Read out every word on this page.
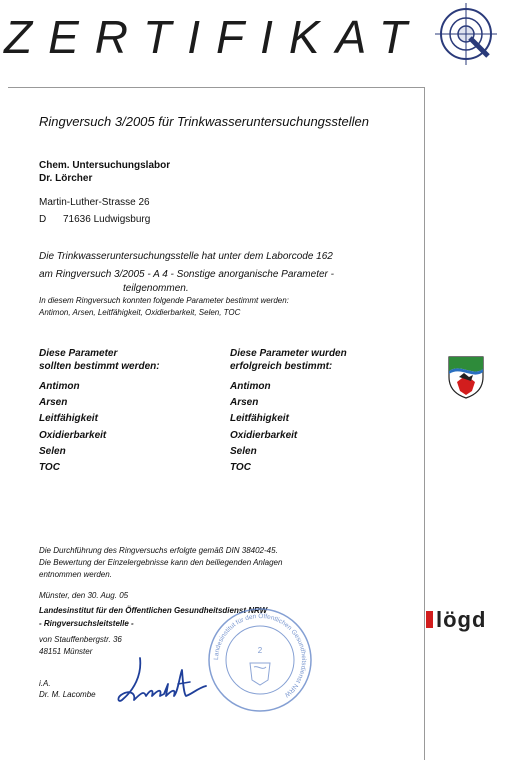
ZERTIFIKAT
Ringversuch 3/2005 für Trinkwasseruntersuchungsstellen
Chem. Untersuchungslabor
Dr. Lörcher
Martin-Luther-Strasse 26
D 71636 Ludwigsburg
Die Trinkwasseruntersuchungsstelle hat unter dem Laborcode 162
am Ringversuch 3/2005 - A 4 - Sonstige anorganische Parameter -
teilgenommen.
In diesem Ringversuch konnten folgende Parameter bestimmt werden:
Antimon, Arsen, Leitfähigkeit, Oxidierbarkeit, Selen, TOC
Diese Parameter
sollten bestimmt werden:
Diese Parameter wurden
erfolgreich bestimmt:
Antimon
Arsen
Leitfähigkeit
Oxidierbarkeit
Selen
TOC
Antimon
Arsen
Leitfähigkeit
Oxidierbarkeit
Selen
TOC
Die Durchführung des Ringversuchs erfolgte gemäß DIN 38402-45.
Die Bewertung der Einzelergebnisse kann den beiliegenden Anlagen
entnommen werden.
Münster, den 30. Aug. 05
Landesinstitut für den Öffentlichen Gesundheitsdienst NRW
- Ringversuchsleitstelle -
von Stauffenbergstr. 36
48151 Münster
i.A.
Dr. M. Lacombe
Landesinstitut für den Öffentlichen Gesundheitsdienst NRW
2
lögd
